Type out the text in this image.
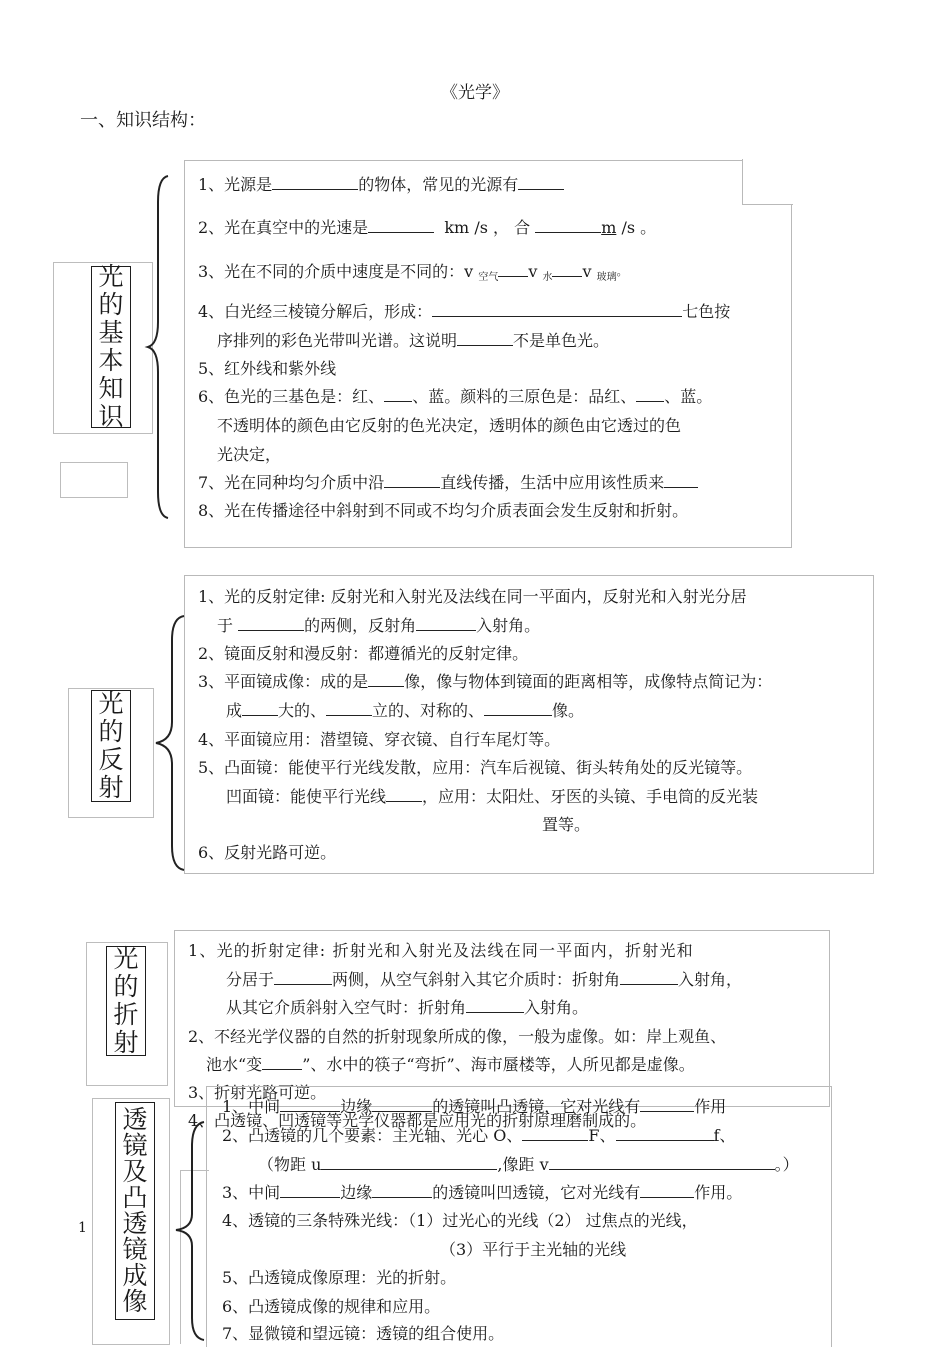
《光学》
一、知识结构：
光
的
基
本
知
识
1、光源是	的物体，常见的光源有
2、光在真空中的光速是	km /s ， 合	m /s 。
3、光在不同的介质中速度是不同的：v $_{空气}$ v $_水$ v $_{玻璃}$。
4、白光经三棱镜分解后，形成：	七色按
序排列的彩色光带叫光谱。这说明	不是单色光。
5、红外线和紫外线
6、色光的三基色是：红、 、蓝。颜料的三原色是：品红、 、蓝。
不透明体的颜色由它反射的色光决定，透明体的颜色由它透过的色
光决定，
7、光在同种均匀介质中沿	直线传播，生活中应用该性质来
8、光在传播途径中斜射到不同或不均匀介质表面会发生反射和折射。
光
的
反
射
1、光的反射定律: 反射光和入射光及法线在同一平面内，反射光和入射光分居
于	的两侧，反射角	入射角。
2、镜面反射和漫反射：都遵循光的反射定律。
3、平面镜成像：成的是 像，像与物体到镜面的距离相等，成像特点简记为：
成 大的、	立的、对称的、	像。
4、平面镜应用：潜望镜、穿衣镜、自行车尾灯等。
5、凸面镜：能使平行光线发散，应用：汽车后视镜、街头转角处的反光镜等。
凹面镜：能使平行光线 ，应用：太阳灶、牙医的头镜、手电筒的反光装
置等。
6、反射光路可逆。
光
的
折
射
1、光的折射定律: 折射光和入射光及法线在同一平面内，折射光和
分居于	两侧，从空气斜射入其它介质时：折射角	入射角，
从其它介质斜射入空气时：折射角	入射角。
2、不经光学仪器的自然的折射现象所成的像，一般为虚像。如：岸上观鱼、
池水“变	”、水中的筷子“弯折”、海市蜃楼等，人所见都是虚像。
3、折射光路可逆。
4、凸透镜、凹透镜等光学仪器都是应用光的折射原理磨制成的。
透
镜
及
凸
透
镜
成
像
1、中间	边缘	的透镜叫凸透镜，它对光线有	作用
2、凸透镜的几个要素：主光轴、光心 O、	F、	f、
（物距 u	,像距 v	。）
3、中间	边缘	的透镜叫凹透镜，它对光线有	作用。
4、透镜的三条特殊光线：（1）过光心的光线（2） 过焦点的光线，
（3）平行于主光轴的光线
5、凸透镜成像原理：光的折射。
6、凸透镜成像的规律和应用。
7、显微镜和望远镜：透镜的组合使用。
1
